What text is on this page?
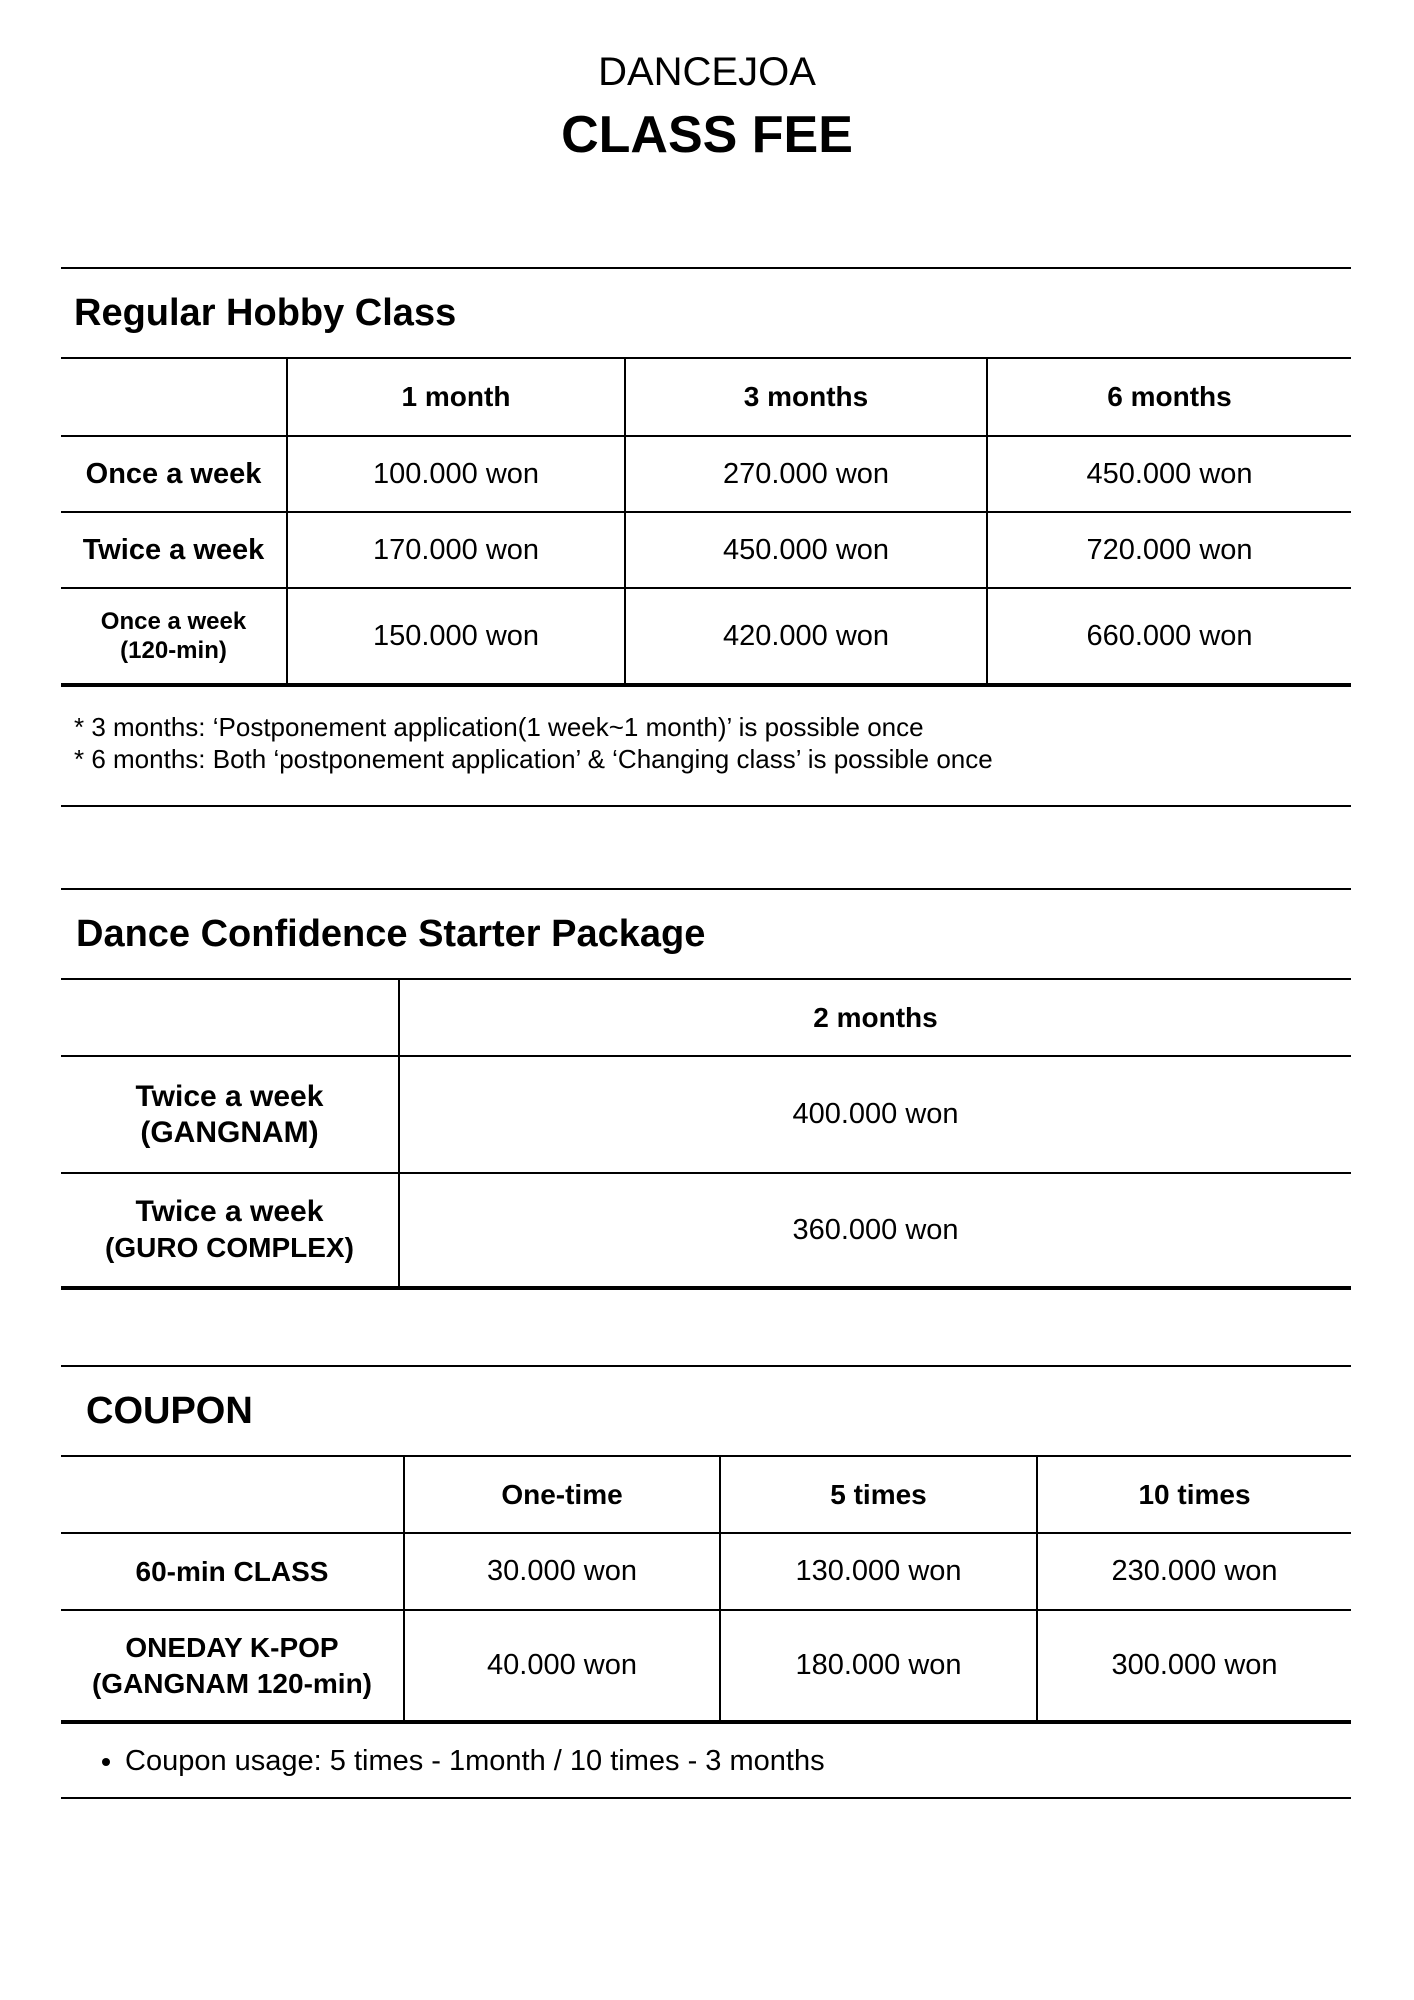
DANCEJOA
CLASS FEE
Regular Hobby Class
	1 month	3 months	6 months
Once a week	100.000 won	270.000 won	450.000 won
Twice a week	170.000 won	450.000 won	720.000 won

Once a week
(120-min)	150.000 won	420.000 won	660.000 won
* 3 months: ‘Postponement application(1 week~1 month)’ is possible once
* 6 months: Both ‘postponement application’ & ‘Changing class’ is possible once
Dance Confidence Starter Package
	2 months

Twice a week
(GANGNAM)	400.000 won

Twice a week
(GURO COMPLEX)	360.000 won
COUPON
	One-time	5 times	10 times
60-min CLASS	30.000 won	130.000 won	230.000 won

ONEDAY K-POP
(GANGNAM 120-min)	40.000 won	180.000 won	300.000 won
• Coupon usage: 5 times - 1month / 10 times - 3 months
